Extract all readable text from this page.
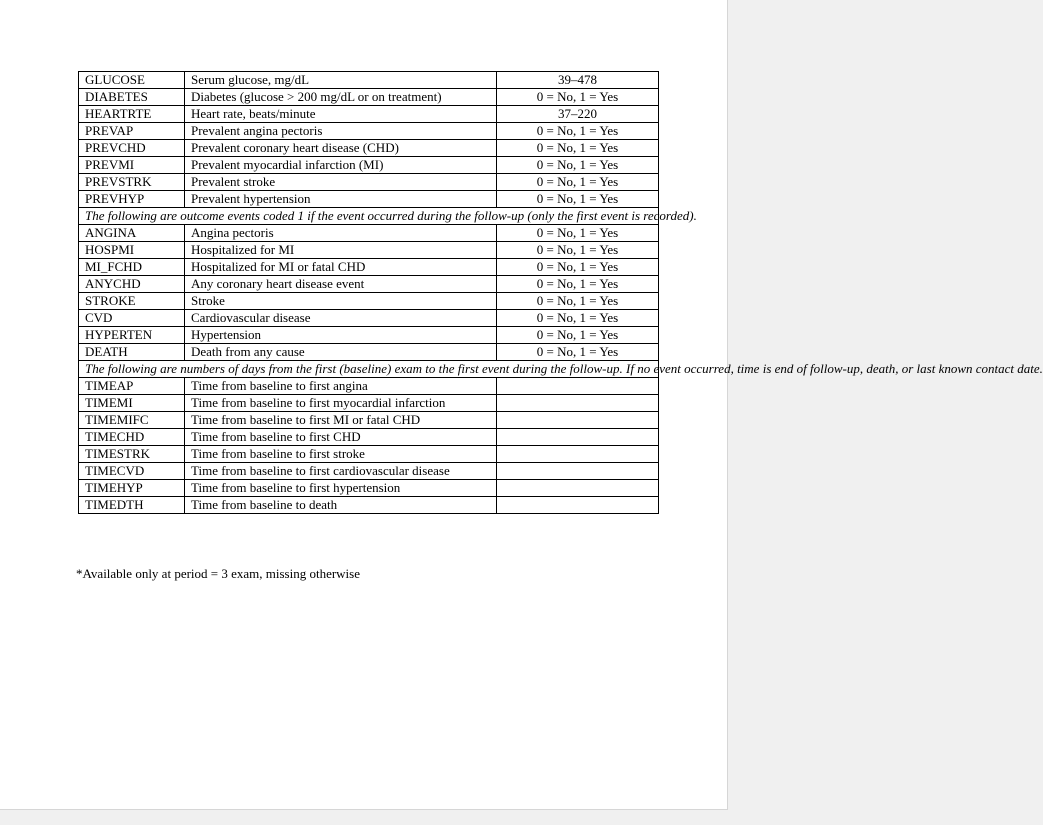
GLUCOSE	Serum glucose, mg/dL	39–478
DIABETES	Diabetes (glucose > 200 mg/dL or on treatment)	0 = No, 1 = Yes
HEARTRTE	Heart rate, beats/minute	37–220
PREVAP	Prevalent angina pectoris	0 = No, 1 = Yes
PREVCHD	Prevalent coronary heart disease (CHD)	0 = No, 1 = Yes
PREVMI	Prevalent myocardial infarction (MI)	0 = No, 1 = Yes
PREVSTRK	Prevalent stroke	0 = No, 1 = Yes
PREVHYP	Prevalent hypertension	0 = No, 1 = Yes
The following are outcome events coded 1 if the event occurred during the follow-up (only the first event is recorded).		
ANGINA	Angina pectoris	0 = No, 1 = Yes
HOSPMI	Hospitalized for MI	0 = No, 1 = Yes
MI_FCHD	Hospitalized for MI or fatal CHD	0 = No, 1 = Yes
ANYCHD	Any coronary heart disease event	0 = No, 1 = Yes
STROKE	Stroke	0 = No, 1 = Yes
CVD	Cardiovascular disease	0 = No, 1 = Yes
HYPERTEN	Hypertension	0 = No, 1 = Yes
DEATH	Death from any cause	0 = No, 1 = Yes
The following are numbers of days from the first (baseline) exam to the first event during the follow-up. If no event occurred, time is end of follow-up, death, or last known contact date.		
TIMEAP	Time from baseline to first angina	
TIMEMI	Time from baseline to first myocardial infarction	
TIMEMIFC	Time from baseline to first MI or fatal CHD	
TIMECHD	Time from baseline to first CHD	
TIMESTRK	Time from baseline to first stroke	
TIMECVD	Time from baseline to first cardiovascular disease	
TIMEHYP	Time from baseline to first hypertension	
TIMEDTH	Time from baseline to death	
*Available only at period = 3 exam, missing otherwise
